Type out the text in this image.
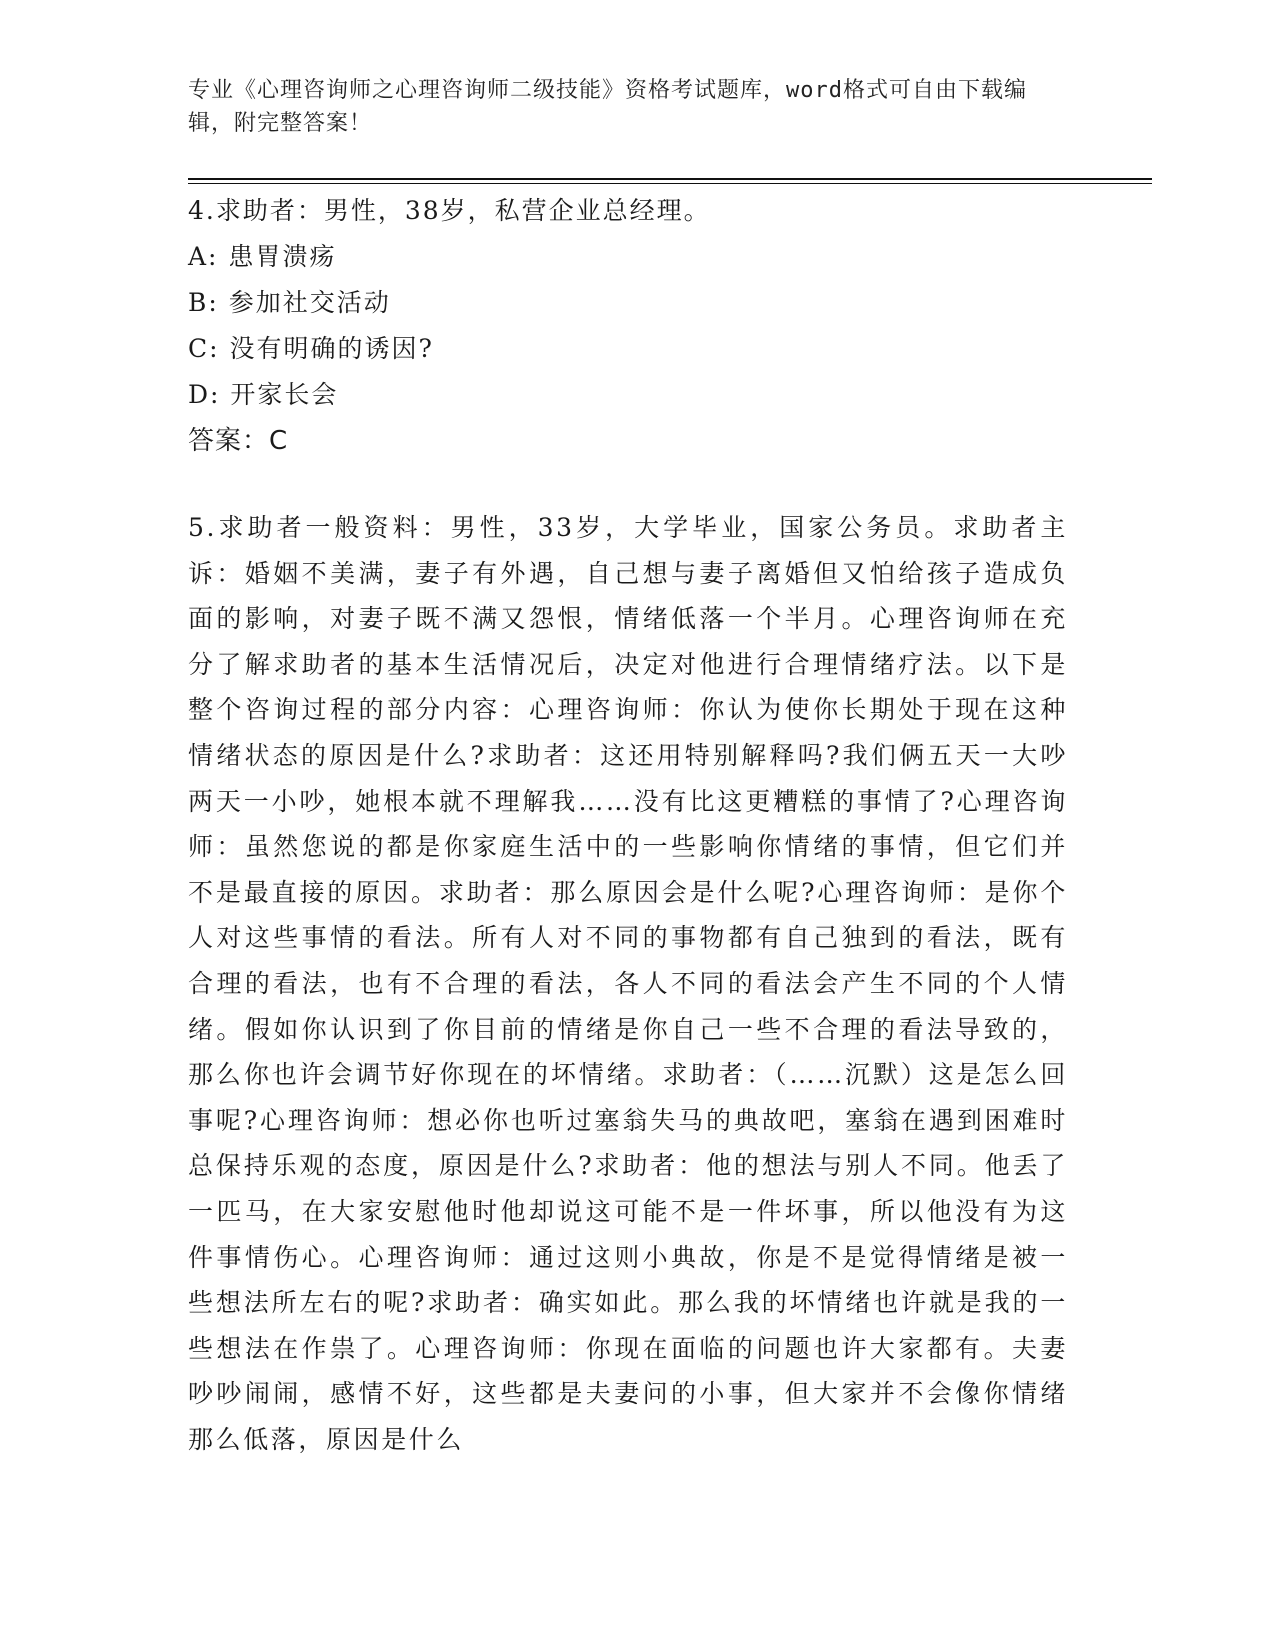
专业《心理咨询师之心理咨询师二级技能》资格考试题库，word格式可自由下载编辑，附完整答案！
4.求助者：男性，38岁，私营企业总经理。
A: 患胃溃疡
B: 参加社交活动
C: 没有明确的诱因?
D: 开家长会
答案：C
5.求助者一般资料：男性，33岁，大学毕业，国家公务员。求助者主诉：婚姻不美满，妻子有外遇，自己想与妻子离婚但又怕给孩子造成负面的影响，对妻子既不满又怨恨，情绪低落一个半月。心理咨询师在充分了解求助者的基本生活情况后，决定对他进行合理情绪疗法。以下是整个咨询过程的部分内容：心理咨询师：你认为使你长期处于现在这种情绪状态的原因是什么?求助者：这还用特别解释吗?我们俩五天一大吵两天一小吵，她根本就不理解我……没有比这更糟糕的事情了?心理咨询师：虽然您说的都是你家庭生活中的一些影响你情绪的事情，但它们并不是最直接的原因。求助者：那么原因会是什么呢?心理咨询师：是你个人对这些事情的看法。所有人对不同的事物都有自己独到的看法，既有合理的看法，也有不合理的看法，各人不同的看法会产生不同的个人情绪。假如你认识到了你目前的情绪是你自己一些不合理的看法导致的，那么你也许会调节好你现在的坏情绪。求助者：（……沉默）这是怎么回事呢?心理咨询师：想必你也听过塞翁失马的典故吧，塞翁在遇到困难时总保持乐观的态度，原因是什么?求助者：他的想法与别人不同。他丢了一匹马，在大家安慰他时他却说这可能不是一件坏事，所以他没有为这件事情伤心。心理咨询师：通过这则小典故，你是不是觉得情绪是被一些想法所左右的呢?求助者：确实如此。那么我的坏情绪也许就是我的一些想法在作祟了。心理咨询师：你现在面临的问题也许大家都有。夫妻吵吵闹闹，感情不好，这些都是夫妻问的小事，但大家并不会像你情绪那么低落，原因是什么
